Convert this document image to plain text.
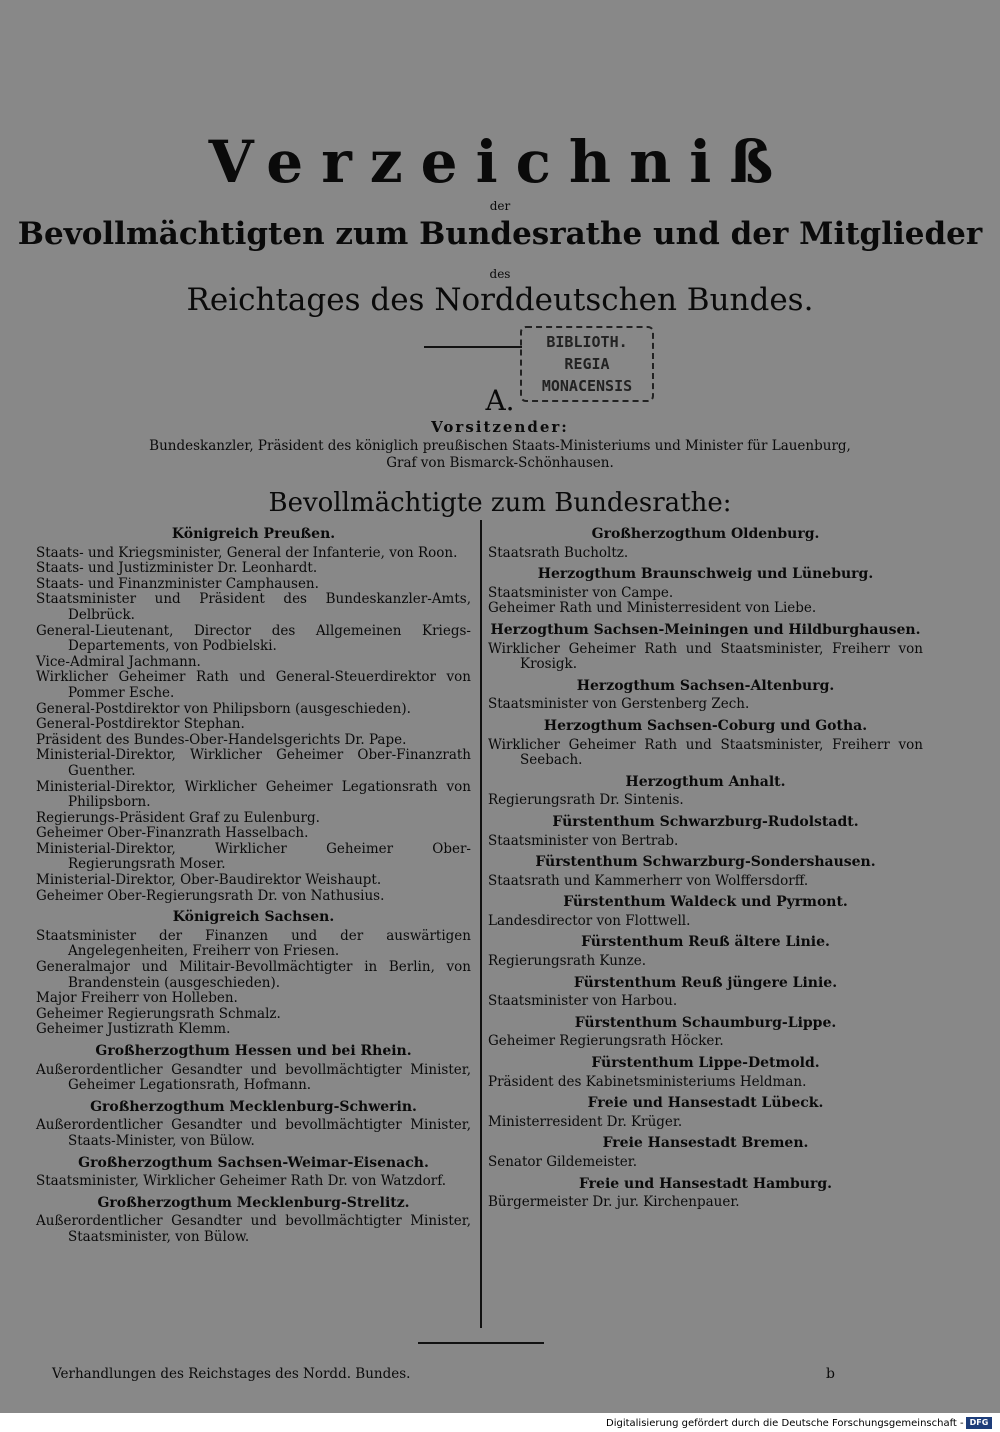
Verzeichniß
der
Bevollmächtigten zum Bundesrathe und der Mitglieder
des
Reichtages des Norddeutschen Bundes.
BIBLIOTH.
REGIA
MONACENSIS
A.
Vorsitzender:
Bundeskanzler, Präsident des königlich preußischen Staats-Ministeriums und Minister für Lauenburg,
Graf von Bismarck-Schönhausen.
Bevollmächtigte zum Bundesrathe:
Königreich Preußen.
Staats- und Kriegsminister, General der Infanterie, von Roon.
Staats- und Justizminister Dr. Leonhardt.
Staats- und Finanzminister Camphausen.
Staatsminister und Präsident des Bundeskanzler-Amts, Delbrück.
General-Lieutenant, Director des Allgemeinen Kriegs-Departements, von Podbielski.
Vice-Admiral Jachmann.
Wirklicher Geheimer Rath und General-Steuerdirektor von Pommer Esche.
General-Postdirektor von Philipsborn (ausgeschieden).
General-Postdirektor Stephan.
Präsident des Bundes-Ober-Handelsgerichts Dr. Pape.
Ministerial-Direktor, Wirklicher Geheimer Ober-Finanzrath Guenther.
Ministerial-Direktor, Wirklicher Geheimer Legationsrath von Philipsborn.
Regierungs-Präsident Graf zu Eulenburg.
Geheimer Ober-Finanzrath Hasselbach.
Ministerial-Direktor, Wirklicher Geheimer Ober-Regierungsrath Moser.
Ministerial-Direktor, Ober-Baudirektor Weishaupt.
Geheimer Ober-Regierungsrath Dr. von Nathusius.
Königreich Sachsen.
Staatsminister der Finanzen und der auswärtigen Angelegenheiten, Freiherr von Friesen.
Generalmajor und Militair-Bevollmächtigter in Berlin, von Brandenstein (ausgeschieden).
Major Freiherr von Holleben.
Geheimer Regierungsrath Schmalz.
Geheimer Justizrath Klemm.
Großherzogthum Hessen und bei Rhein.
Außerordentlicher Gesandter und bevollmächtigter Minister, Geheimer Legationsrath, Hofmann.
Großherzogthum Mecklenburg-Schwerin.
Außerordentlicher Gesandter und bevollmächtigter Minister, Staats-Minister, von Bülow.
Großherzogthum Sachsen-Weimar-Eisenach.
Staatsminister, Wirklicher Geheimer Rath Dr. von Watzdorf.
Großherzogthum Mecklenburg-Strelitz.
Außerordentlicher Gesandter und bevollmächtigter Minister, Staatsminister, von Bülow.
Großherzogthum Oldenburg.
Staatsrath Bucholtz.
Herzogthum Braunschweig und Lüneburg.
Staatsminister von Campe.
Geheimer Rath und Ministerresident von Liebe.
Herzogthum Sachsen-Meiningen und Hildburghausen.
Wirklicher Geheimer Rath und Staatsminister, Freiherr von Krosigk.
Herzogthum Sachsen-Altenburg.
Staatsminister von Gerstenberg Zech.
Herzogthum Sachsen-Coburg und Gotha.
Wirklicher Geheimer Rath und Staatsminister, Freiherr von Seebach.
Herzogthum Anhalt.
Regierungsrath Dr. Sintenis.
Fürstenthum Schwarzburg-Rudolstadt.
Staatsminister von Bertrab.
Fürstenthum Schwarzburg-Sondershausen.
Staatsrath und Kammerherr von Wolffersdorff.
Fürstenthum Waldeck und Pyrmont.
Landesdirector von Flottwell.
Fürstenthum Reuß ältere Linie.
Regierungsrath Kunze.
Fürstenthum Reuß jüngere Linie.
Staatsminister von Harbou.
Fürstenthum Schaumburg-Lippe.
Geheimer Regierungsrath Höcker.
Fürstenthum Lippe-Detmold.
Präsident des Kabinetsministeriums Heldman.
Freie und Hansestadt Lübeck.
Ministerresident Dr. Krüger.
Freie Hansestadt Bremen.
Senator Gildemeister.
Freie und Hansestadt Hamburg.
Bürgermeister Dr. jur. Kirchenpauer.
Verhandlungen des Reichstages des Nordd. Bundes.	b
Digitalisierung gefördert durch die Deutsche Forschungsgemeinschaft - DFG
